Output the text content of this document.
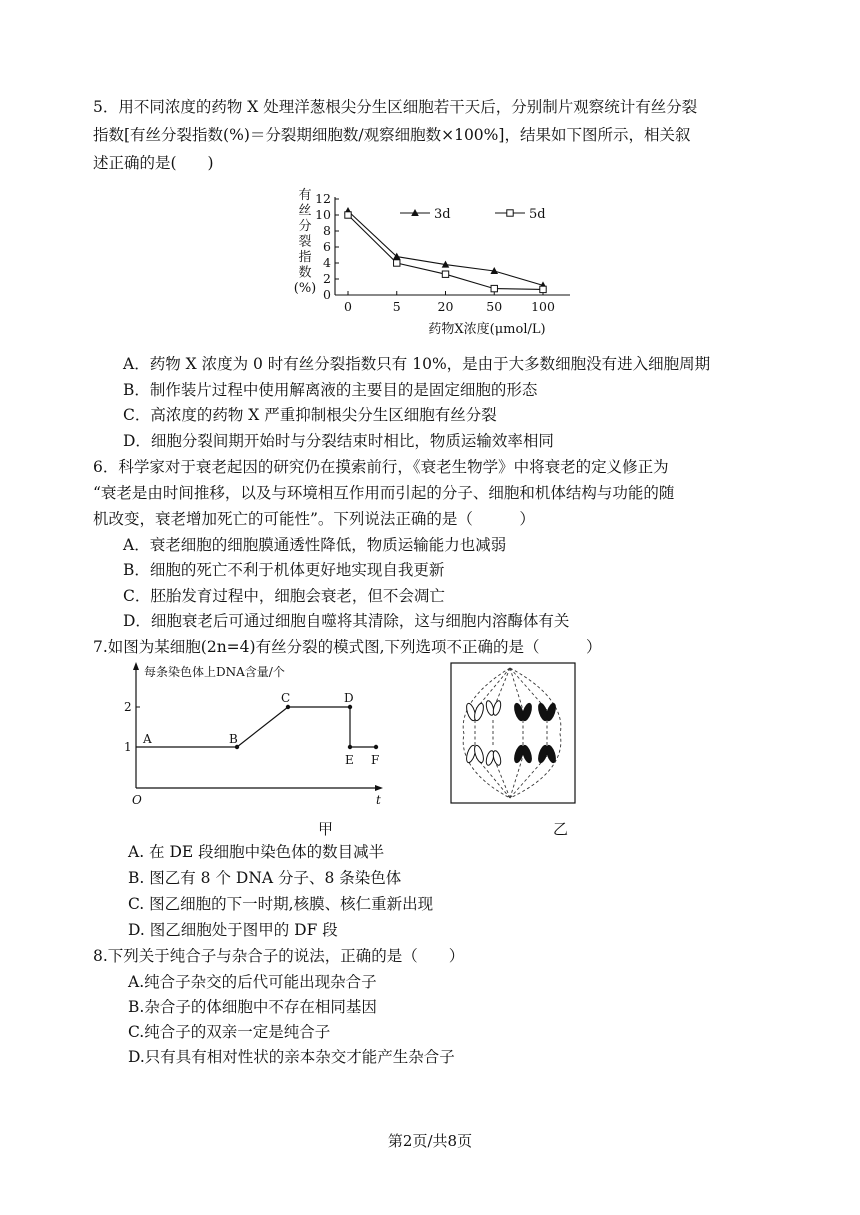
5．用不同浓度的药物 X 处理洋葱根尖分生区细胞若干天后，分别制片观察统计有丝分裂
指数[有丝分裂指数(%)＝分裂期细胞数/观察细胞数×100%]，结果如下图所示，相关叙
述正确的是(　　)
有
丝
分
裂
指
数
(%) 0
2
4
6
8
10
12
0	5	20	50 100
3d	5d
药物X浓度(μmol/L)
A．药物 X 浓度为 0 时有丝分裂指数只有 10%，是由于大多数细胞没有进入细胞周期
B．制作装片过程中使用解离液的主要目的是固定细胞的形态
C．高浓度的药物 X 严重抑制根尖分生区细胞有丝分裂
D．细胞分裂间期开始时与分裂结束时相比，物质运输效率相同
6．科学家对于衰老起因的研究仍在摸索前行，《衰老生物学》中将衰老的定义修正为
“衰老是由时间推移，以及与环境相互作用而引起的分子、细胞和机体结构与功能的随
机改变，衰老增加死亡的可能性”。下列说法正确的是（　　　）
A．衰老细胞的细胞膜通透性降低，物质运输能力也减弱
B．细胞的死亡不利于机体更好地实现自我更新
C．胚胎发育过程中，细胞会衰老，但不会凋亡
D．细胞衰老后可通过细胞自噬将其清除，这与细胞内溶酶体有关
7.如图为某细胞(2n=4)有丝分裂的模式图,下列选项不正确的是（　　　）
每条染色体上DNA含量/个
2
1
A	B
C	D
E F
O	t
甲	乙
A. 在 DE 段细胞中染色体的数目减半
B. 图乙有 8 个 DNA 分子、8 条染色体
C. 图乙细胞的下一时期,核膜、核仁重新出现
D. 图乙细胞处于图甲的 DF 段
8.下列关于纯合子与杂合子的说法，正确的是（　　）
A.纯合子杂交的后代可能出现杂合子
B.杂合子的体细胞中不存在相同基因
C.纯合子的双亲一定是纯合子
D.只有具有相对性状的亲本杂交才能产生杂合子
第2页/共8页
